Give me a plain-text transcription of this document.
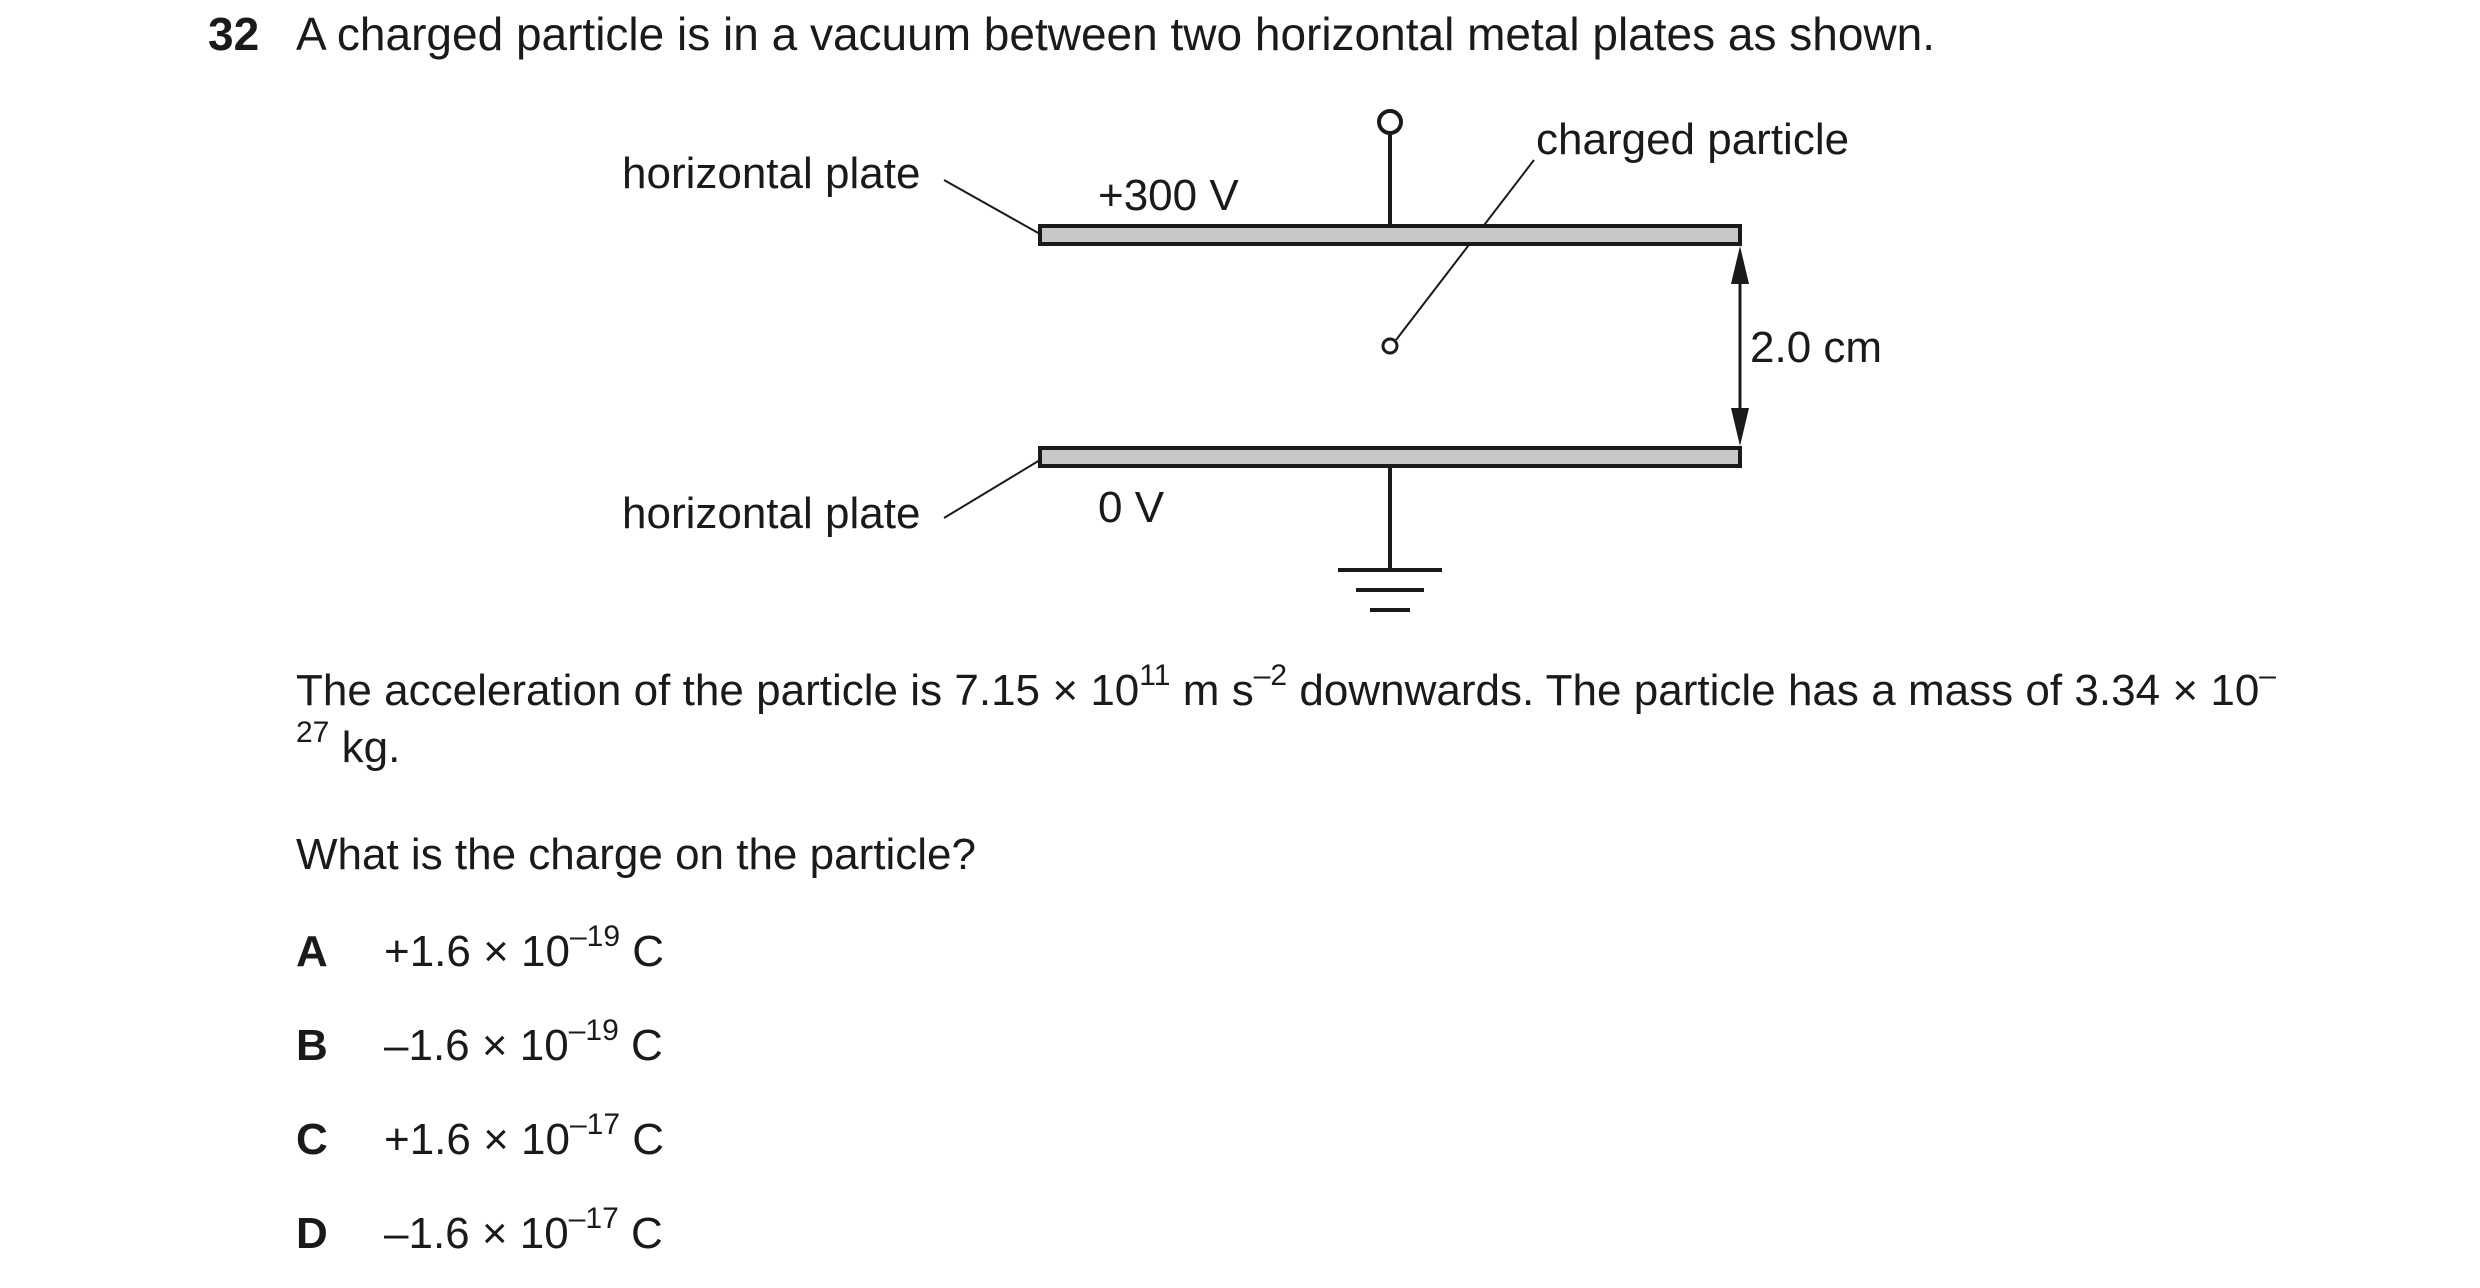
32 A charged particle is in a vacuum between two horizontal metal plates as shown.
horizontal plate
horizontal plate
charged particle
+300 V
0 V
2.0 cm
The acceleration of the particle is $7.15 \times 10^{11}$ m $s^{-2}$ downwards. The particle has a mass of $3.34 \times 10^{-27}$ kg.
What is the charge on the particle?
$A +1.6 \times 10^{-19}$ C
B $-1.6 \times 10^{-19}$ C
$C +1.6 \times 10^{-17}$ C
D $-1.6 \times 10^{-17}$ C
